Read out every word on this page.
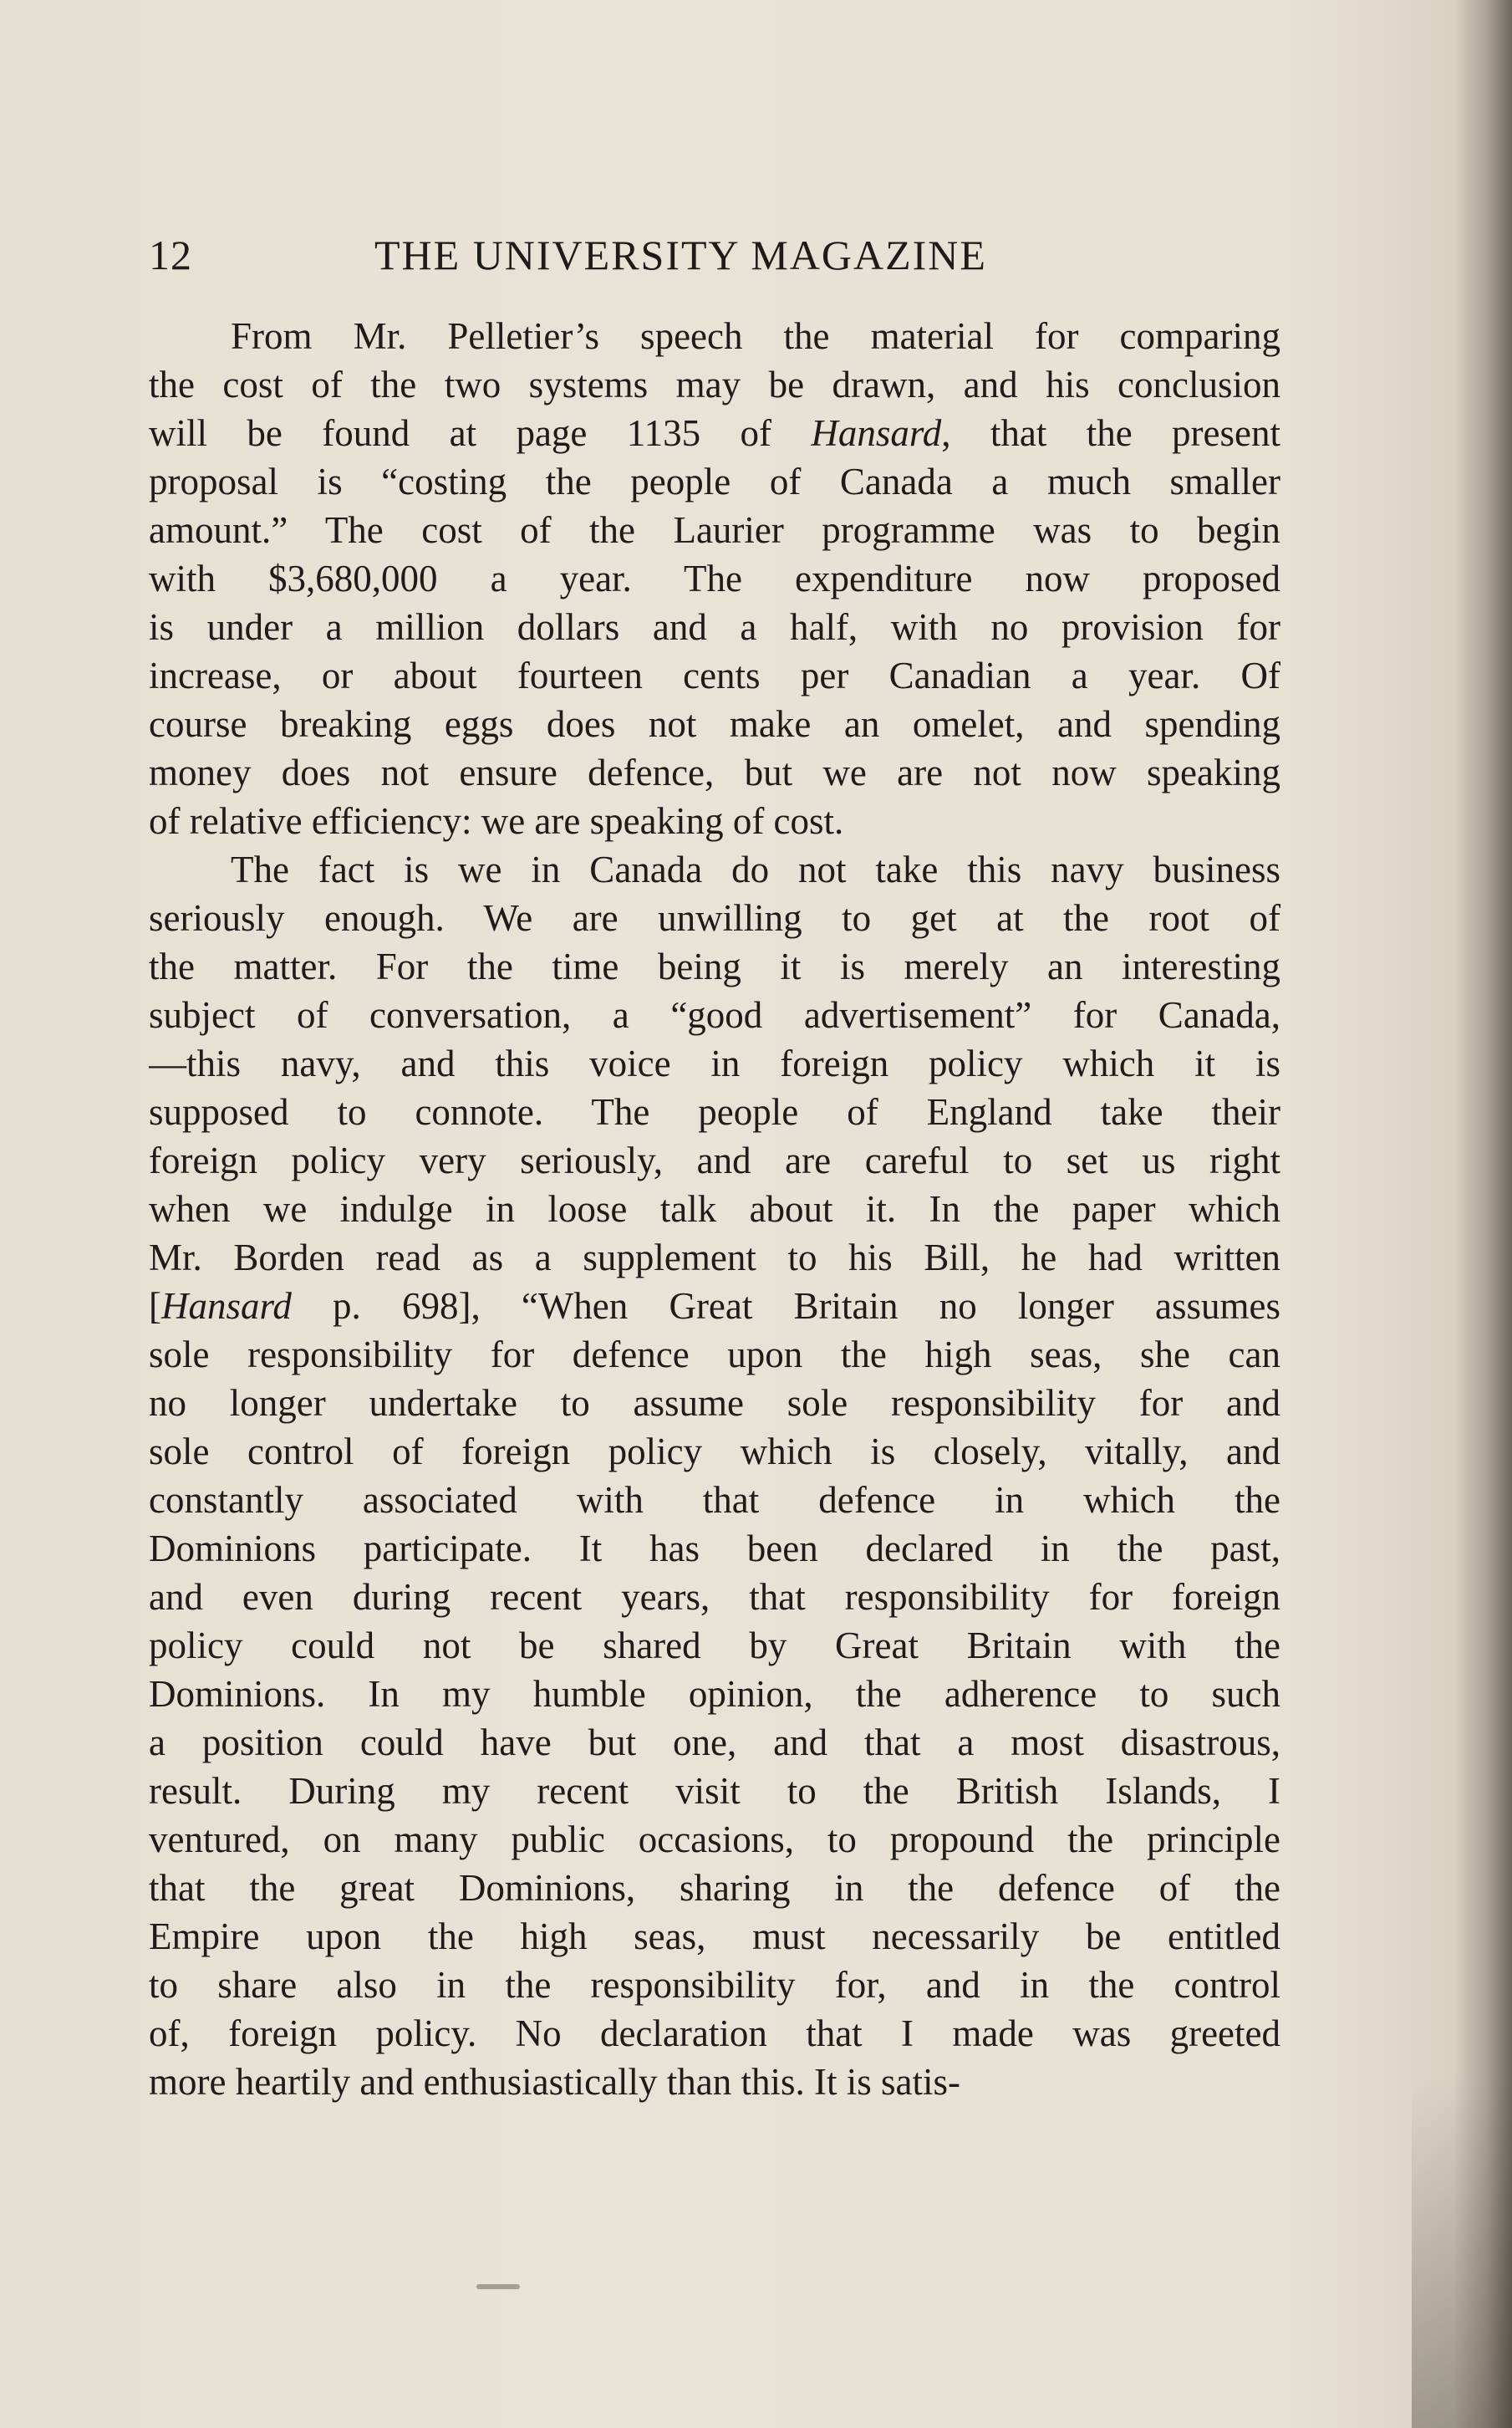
12	THE UNIVERSITY MAGAZINE
From Mr. Pelletier’s speech the material for comparing
the cost of the two systems may be drawn, and his conclusion
will be found at page 1135 of Hansard, that the present
proposal is “costing the people of Canada a much smaller
amount.” The cost of the Laurier programme was to begin
with $3,680,000 a year. The expenditure now proposed
is under a million dollars and a half, with no provision for
increase, or about fourteen cents per Canadian a year. Of
course breaking eggs does not make an omelet, and spending
money does not ensure defence, but we are not now speaking
of relative efficiency: we are speaking of cost.
The fact is we in Canada do not take this navy business
seriously enough. We are unwilling to get at the root of
the matter. For the time being it is merely an interesting
subject of conversation, a “good advertisement” for Canada,
—this navy, and this voice in foreign policy which it is
supposed to connote. The people of England take their
foreign policy very seriously, and are careful to set us right
when we indulge in loose talk about it. In the paper which
Mr. Borden read as a supplement to his Bill, he had written
[Hansard p. 698], “When Great Britain no longer assumes
sole responsibility for defence upon the high seas, she can
no longer undertake to assume sole responsibility for and
sole control of foreign policy which is closely, vitally, and
constantly associated with that defence in which the
Dominions participate. It has been declared in the past,
and even during recent years, that responsibility for foreign
policy could not be shared by Great Britain with the
Dominions. In my humble opinion, the adherence to such
a position could have but one, and that a most disastrous,
result. During my recent visit to the British Islands, I
ventured, on many public occasions, to propound the principle
that the great Dominions, sharing in the defence of the
Empire upon the high seas, must necessarily be entitled
to share also in the responsibility for, and in the control
of, foreign policy. No declaration that I made was greeted
more heartily and enthusiastically than this. It is satis-
